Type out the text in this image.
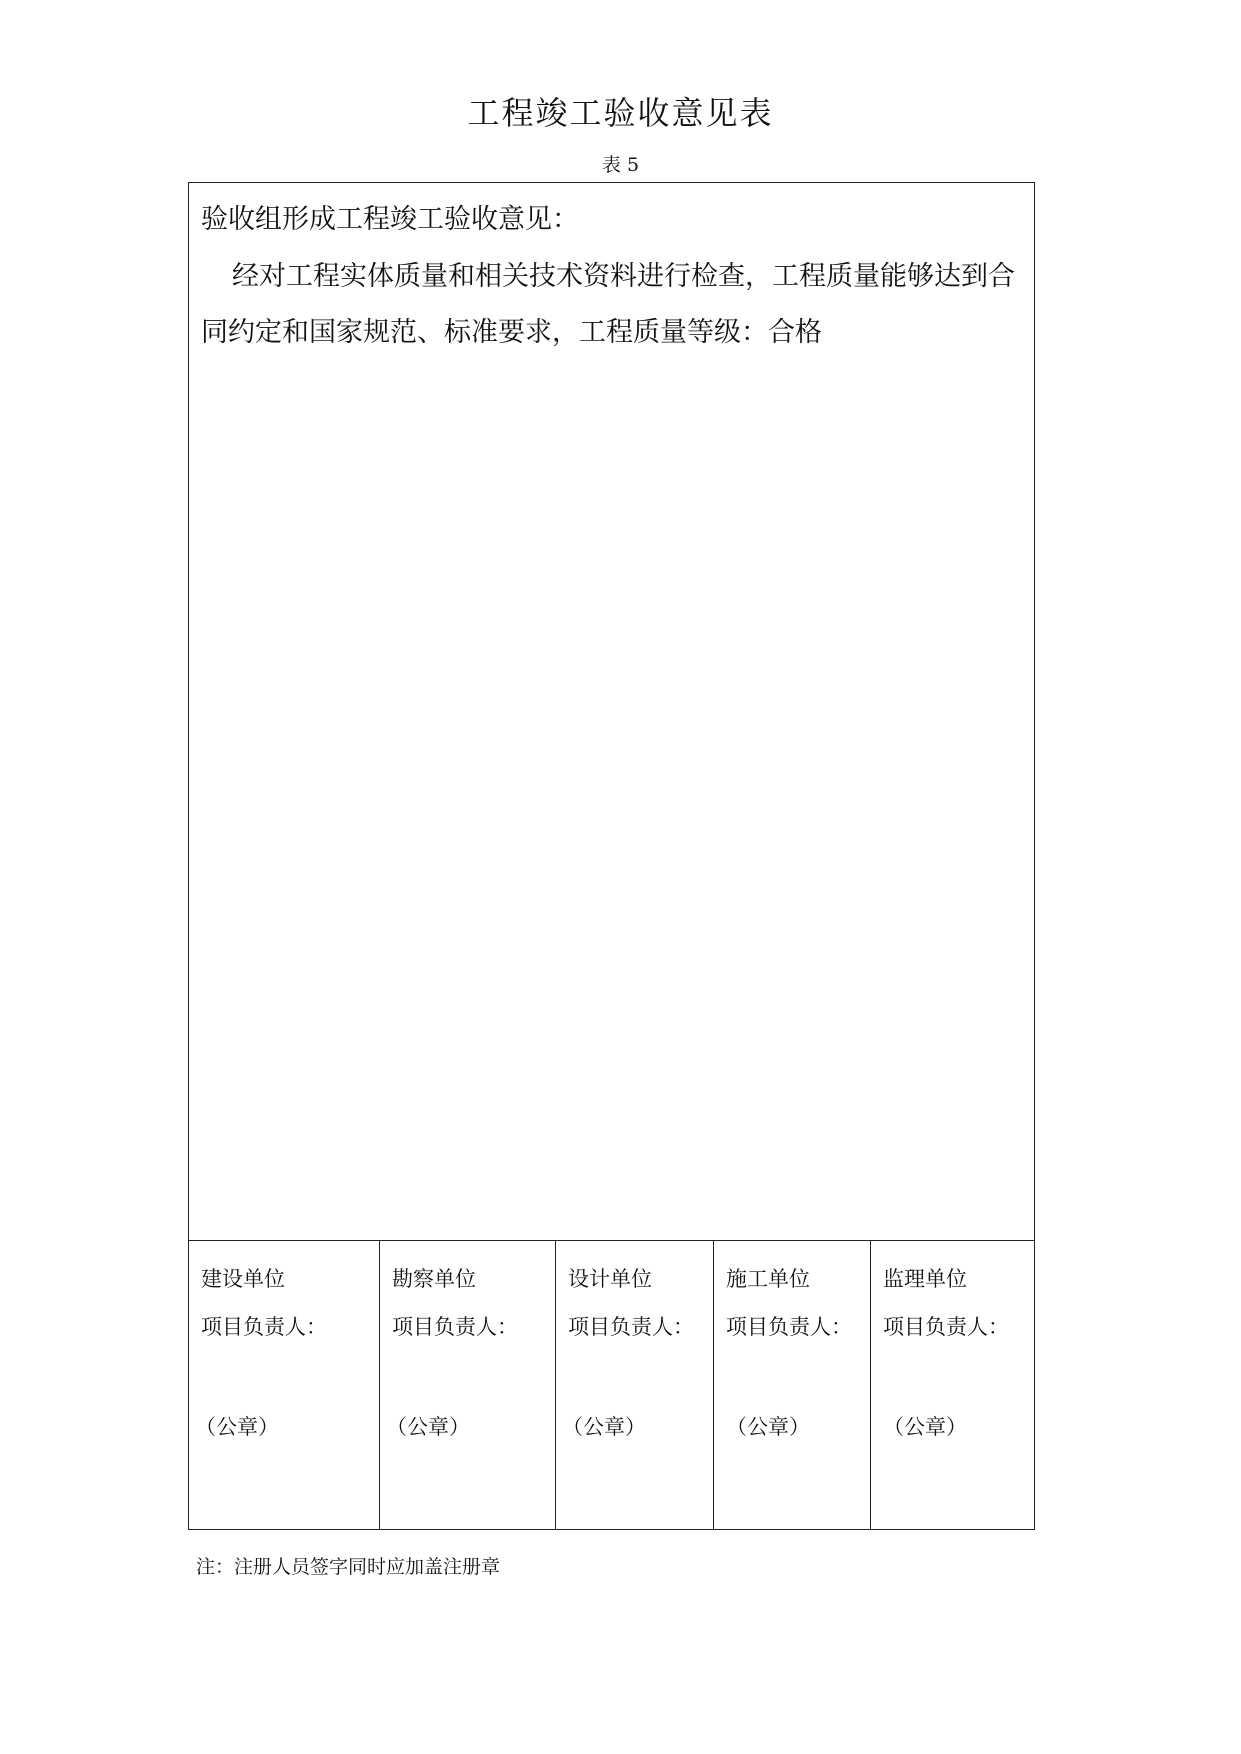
工程竣工验收意见表
表 5
验收组形成工程竣工验收意见：
经对工程实体质量和相关技术资料进行检查，工程质量能够达到合同约定和国家规范、标准要求，工程质量等级：合格
建设单位
项目负责人：
（公章）
勘察单位
项目负责人：
（公章）
设计单位
项目负责人：
（公章）
施工单位
项目负责人：
（公章）
监理单位
项目负责人：
（公章）
注：注册人员签字同时应加盖注册章
